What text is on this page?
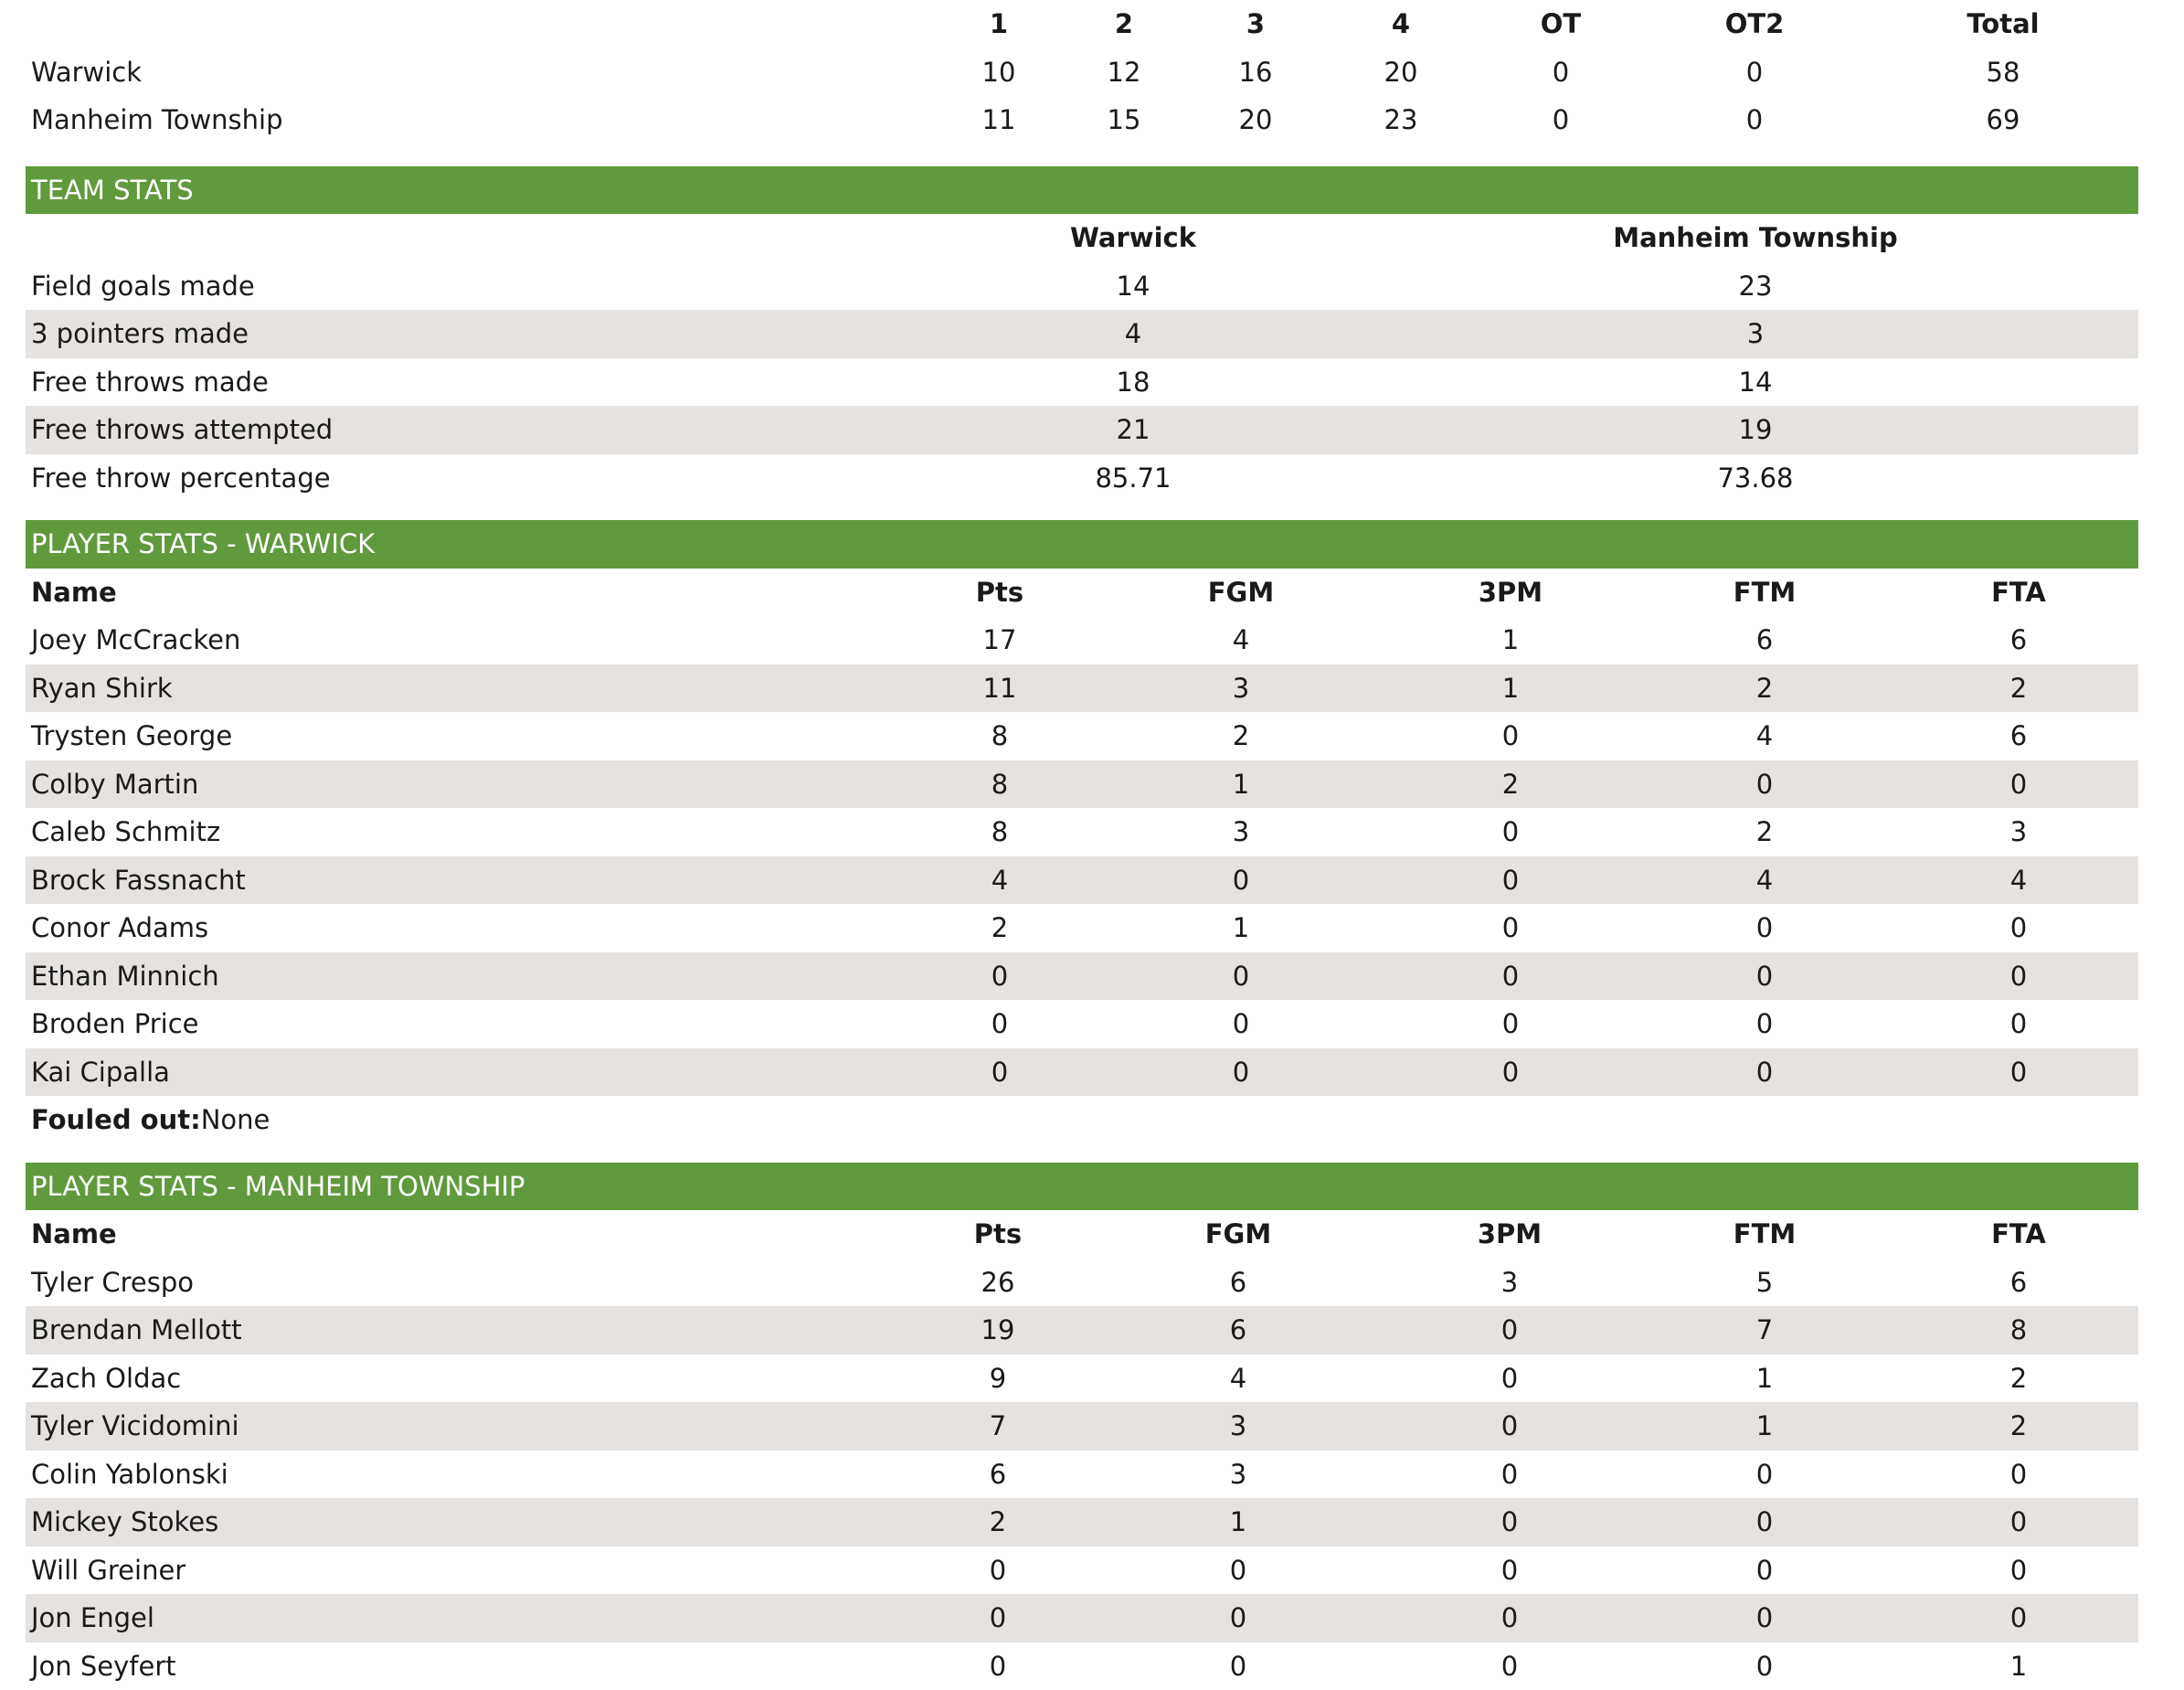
	1	2	3	4	OT	OT2	Total
Warwick	10	12	16	20	0	0	58
Manheim Township	11	15	20	23	0	0	69
TEAM STATS
	Warwick	Manheim Township
Field goals made	14	23
3 pointers made	4	3
Free throws made	18	14
Free throws attempted	21	19
Free throw percentage	85.71	73.68
PLAYER STATS - WARWICK
Name	Pts	FGM	3PM	FTM	FTA
Joey McCracken	17	4	1	6	6
Ryan Shirk	11	3	1	2	2
Trysten George	8	2	0	4	6
Colby Martin	8	1	2	0	0
Caleb Schmitz	8	3	0	2	3
Brock Fassnacht	4	0	0	4	4
Conor Adams	2	1	0	0	0
Ethan Minnich	0	0	0	0	0
Broden Price	0	0	0	0	0
Kai Cipalla	0	0	0	0	0
Fouled out:None
PLAYER STATS - MANHEIM TOWNSHIP
Name	Pts	FGM	3PM	FTM	FTA
Tyler Crespo	26	6	3	5	6
Brendan Mellott	19	6	0	7	8
Zach Oldac	9	4	0	1	2
Tyler Vicidomini	7	3	0	1	2
Colin Yablonski	6	3	0	0	0
Mickey Stokes	2	1	0	0	0
Will Greiner	0	0	0	0	0
Jon Engel	0	0	0	0	0
Jon Seyfert	0	0	0	0	1
